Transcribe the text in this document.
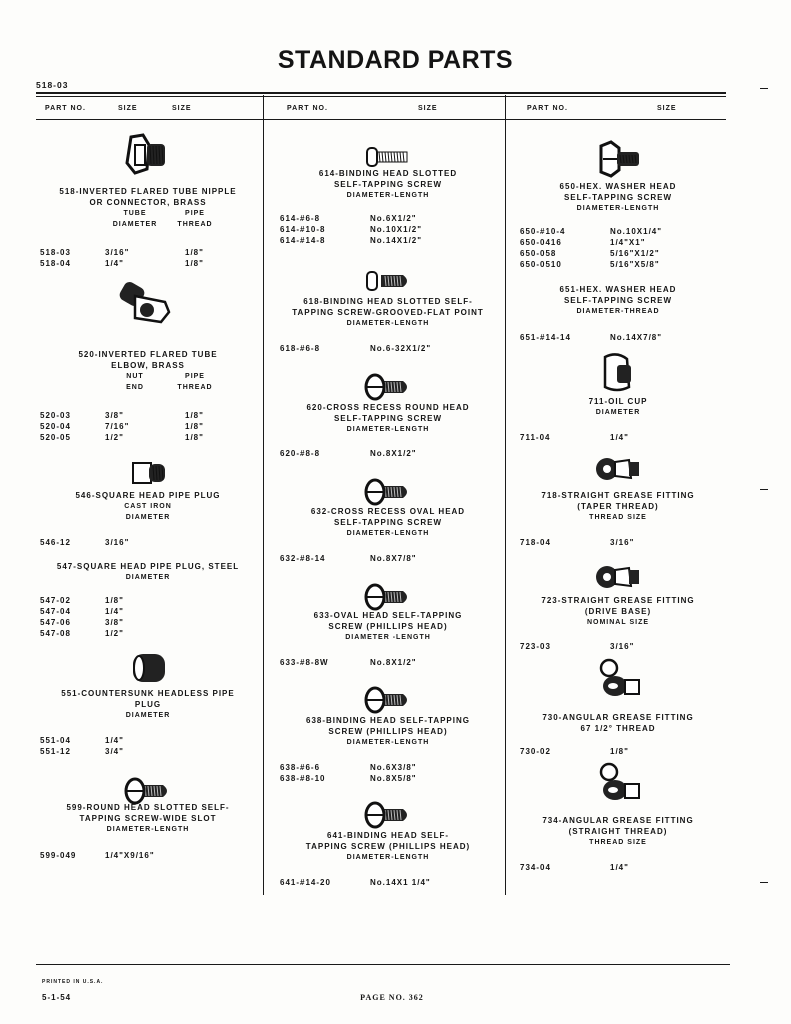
STANDARD PARTS
518-03
PRINTED IN U.S.A.
5-1-54	PAGE NO. 362
PART NO.	SIZE	SIZE
518-INVERTED FLARED TUBE NIPPLE
OR CONNECTOR, BRASS
TUBE
DIAMETER
PIPE
THREAD
518-03	3/16"	1/8"
518-04	1/4"	1/8"
520-INVERTED FLARED TUBE
ELBOW, BRASS
NUT
END
PIPE
THREAD
520-03	3/8"	1/8"
520-04	7/16"	1/8"
520-05	1/2"	1/8"
546-SQUARE HEAD PIPE PLUG
CAST IRON
DIAMETER
546-12	3/16"
547-SQUARE HEAD PIPE PLUG, STEEL
DIAMETER
547-02	1/8"
547-04	1/4"
547-06	3/8"
547-08	1/2"
551-COUNTERSUNK HEADLESS PIPE
PLUG
DIAMETER
551-04	1/4"
551-12	3/4"
599-ROUND HEAD SLOTTED SELF-
TAPPING SCREW-WIDE SLOT
DIAMETER-LENGTH
599-049	1/4"X9/16"
PART NO.	SIZE
614-BINDING HEAD SLOTTED
SELF-TAPPING SCREW
DIAMETER-LENGTH
614-#6-8	No.6X1/2"
614-#10-8	No.10X1/2"
614-#14-8	No.14X1/2"
618-BINDING HEAD SLOTTED SELF-
TAPPING SCREW-GROOVED-FLAT POINT
DIAMETER-LENGTH
618-#6-8	No.6-32X1/2"
620-CROSS RECESS ROUND HEAD
SELF-TAPPING SCREW
DIAMETER-LENGTH
620-#8-8	No.8X1/2"
632-CROSS RECESS OVAL HEAD
SELF-TAPPING SCREW
DIAMETER-LENGTH
632-#8-14	No.8X7/8"
633-OVAL HEAD SELF-TAPPING
SCREW (PHILLIPS HEAD)
DIAMETER -LENGTH
633-#8-8W	No.8X1/2"
638-BINDING HEAD SELF-TAPPING
SCREW (PHILLIPS HEAD)
DIAMETER-LENGTH
638-#6-6	No.6X3/8"
638-#8-10	No.8X5/8"
641-BINDING HEAD SELF-
TAPPING SCREW (PHILLIPS HEAD)
DIAMETER-LENGTH
641-#14-20	No.14X1 1/4"
PART NO.	SIZE
650-HEX. WASHER HEAD
SELF-TAPPING SCREW
DIAMETER-LENGTH
650-#10-4	No.10X1/4"
650-0416	1/4"X1"
650-058	5/16"X1/2"
650-0510	5/16"X5/8"
651-HEX. WASHER HEAD
SELF-TAPPING SCREW
DIAMETER-THREAD
651-#14-14	No.14X7/8"
711-OIL CUP
DIAMETER
711-04	1/4"
718-STRAIGHT GREASE FITTING
(TAPER THREAD)
THREAD SIZE
718-04	3/16"
723-STRAIGHT GREASE FITTING
(DRIVE BASE)
NOMINAL SIZE
723-03	3/16"
730-ANGULAR GREASE FITTING
67 1/2° THREAD
730-02	1/8"
734-ANGULAR GREASE FITTING
(STRAIGHT THREAD)
THREAD SIZE
734-04	1/4"
